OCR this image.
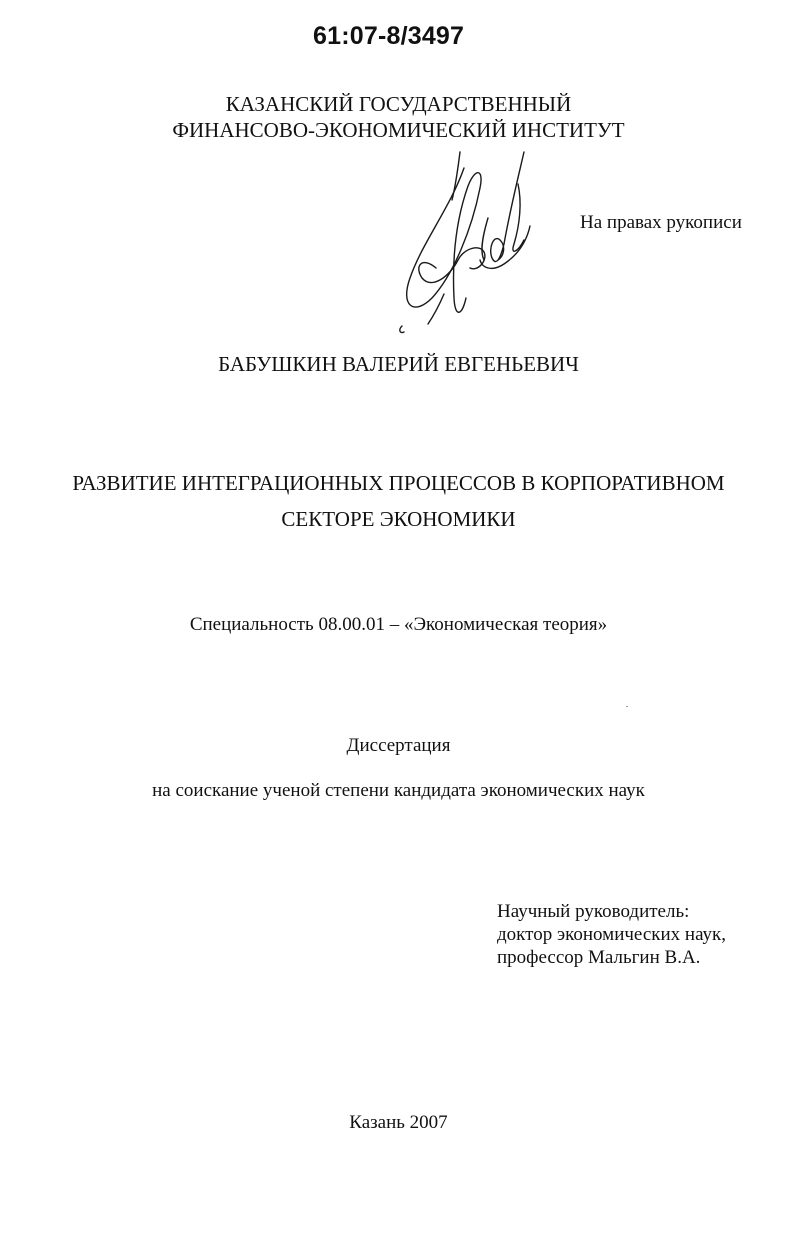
61:07-8/3497
КАЗАНСКИЙ ГОСУДАРСТВЕННЫЙ
ФИНАНСОВО-ЭКОНОМИЧЕСКИЙ ИНСТИТУТ
На правах рукописи
БАБУШКИН ВАЛЕРИЙ ЕВГЕНЬЕВИЧ
РАЗВИТИЕ ИНТЕГРАЦИОННЫХ ПРОЦЕССОВ В КОРПОРАТИВНОМ
СЕКТОРЕ ЭКОНОМИКИ
Специальность 08.00.01 – «Экономическая теория»
Диссертация
на соискание ученой степени кандидата экономических наук
Научный руководитель:
доктор экономических наук,
профессор Мальгин В.А.
Казань 2007
